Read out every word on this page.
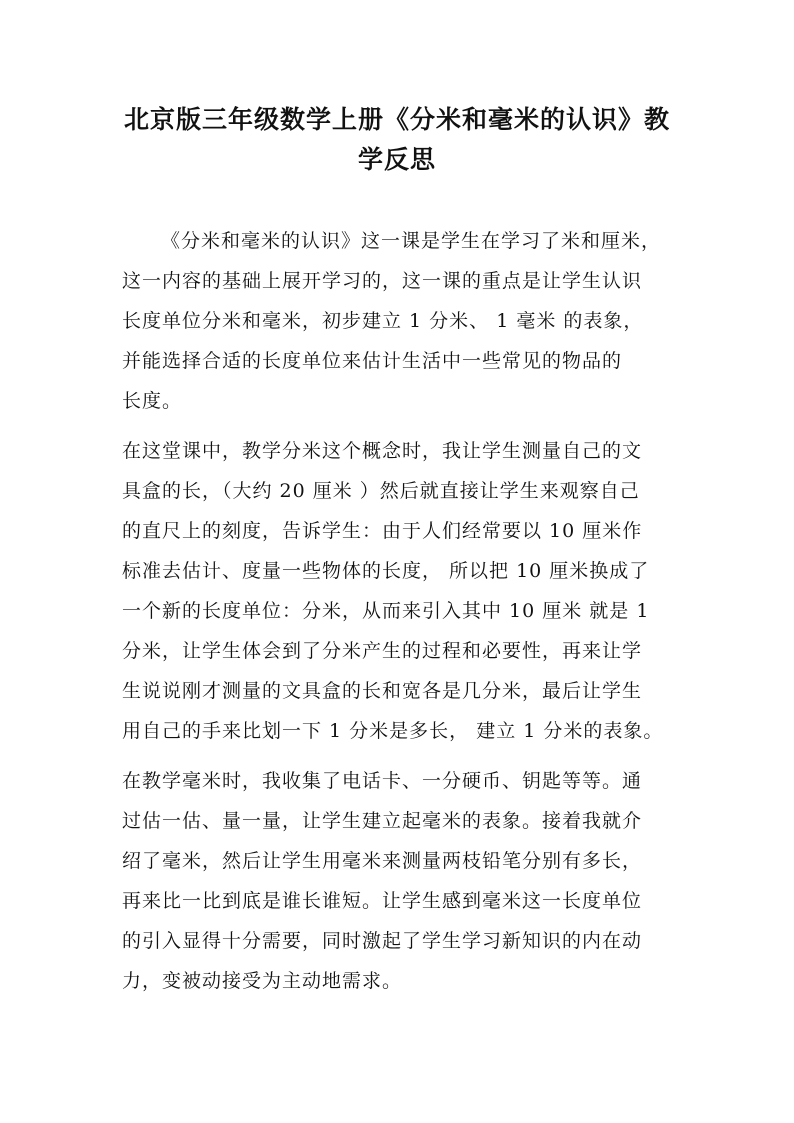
北京版三年级数学上册《分米和毫米的认识》教
学反思
《分米和毫米的认识》这一课是学生在学习了米和厘米，
这一内容的基础上展开学习的，这一课的重点是让学生认识
长度单位分米和毫米，初步建立 1 分米、 1 毫米 的表象，
并能选择合适的长度单位来估计生活中一些常见的物品的
长度。
在这堂课中，教学分米这个概念时，我让学生测量自己的文
具盒的长，（大约 20 厘米 ）然后就直接让学生来观察自己
的直尺上的刻度，告诉学生：由于人们经常要以 10 厘米作
标准去估计、度量一些物体的长度， 所以把 10 厘米换成了
一个新的长度单位：分米，从而来引入其中 10 厘米 就是 1
分米，让学生体会到了分米产生的过程和必要性，再来让学
生说说刚才测量的文具盒的长和宽各是几分米，最后让学生
用自己的手来比划一下 1 分米是多长， 建立 1 分米的表象。
在教学毫米时，我收集了电话卡、一分硬币、钥匙等等。通
过估一估、量一量，让学生建立起毫米的表象。接着我就介
绍了毫米，然后让学生用毫米来测量两枝铅笔分别有多长，
再来比一比到底是谁长谁短。让学生感到毫米这一长度单位
的引入显得十分需要，同时激起了学生学习新知识的内在动
力，变被动接受为主动地需求。
